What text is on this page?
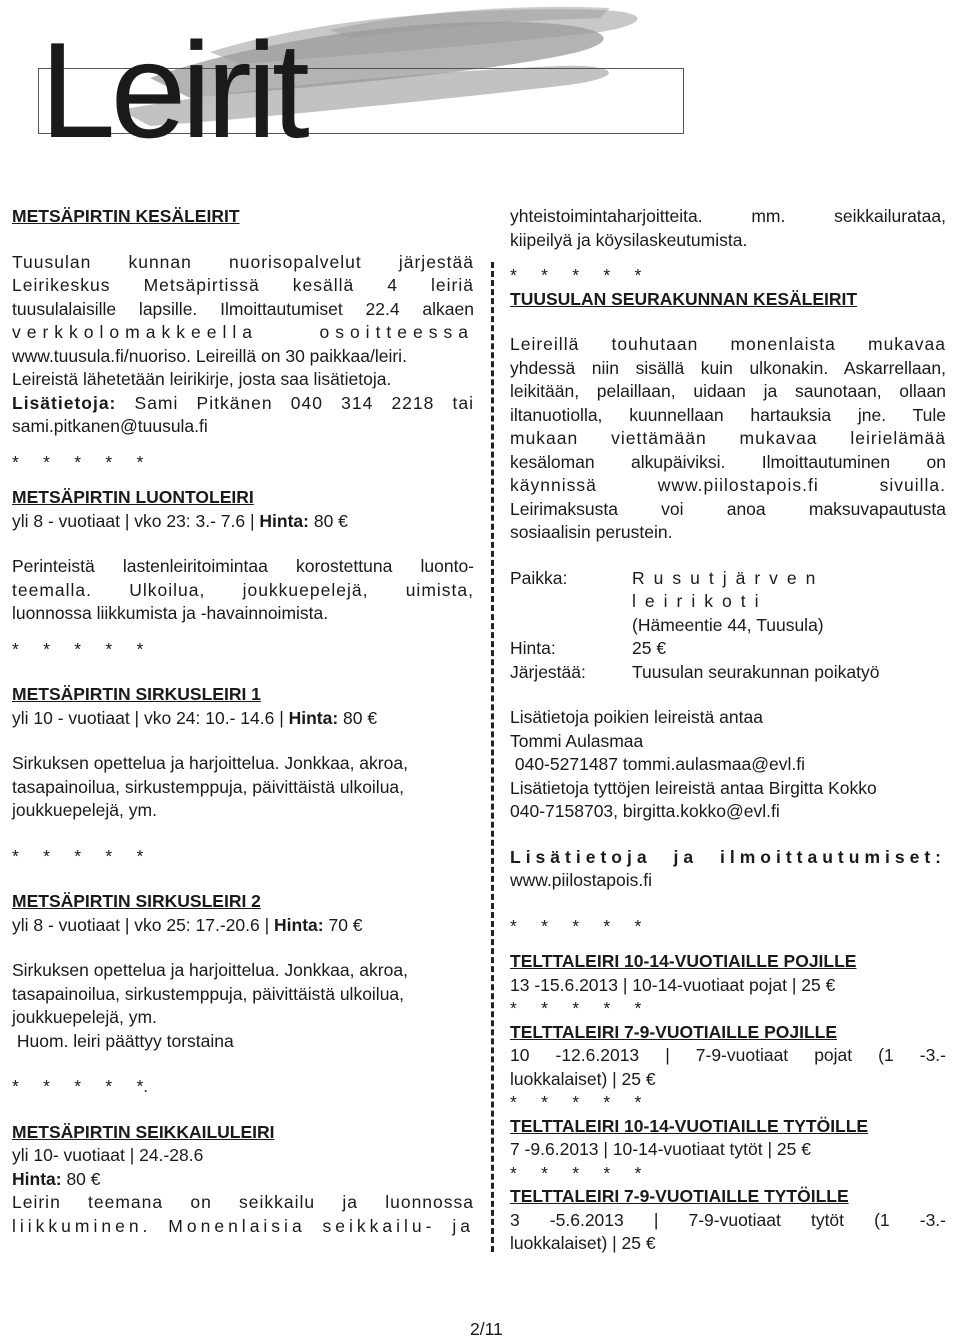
Leirit
METSÄPIRTIN KESÄLEIRIT
Tuusulan kunnan nuorisopalvelut järjestää
Leirikeskus Metsäpirtissä kesällä 4 leiriä
tuusulalaisille lapsille. Ilmoittautumiset 22.4 alkaen
verkkolomakkeella osoitteessa
www.tuusula.fi/nuoriso. Leireillä on 30 paikkaa/leiri.
Leireistä lähetetään leirikirje, josta saa lisätietoja.
Lisätietoja: Sami Pitkänen 040 314 2218 tai
sami.pitkanen@tuusula.fi
*     *     *     *     *
METSÄPIRTIN LUONTOLEIRI
yli 8 - vuotiaat | vko 23: 3.- 7.6 | Hinta: 80 €
Perinteistä lastenleiritoimintaa korostettuna luonto-
teemalla. Ulkoilua, joukkuepelejä, uimista,
luonnossa liikkumista ja -havainnoimista.
*     *     *     *     *
METSÄPIRTIN SIRKUSLEIRI 1
yli 10 - vuotiaat | vko 24: 10.- 14.6 | Hinta: 80 €
Sirkuksen opettelua ja harjoittelua. Jonkkaa, akroa,
tasapainoilua, sirkustemppuja, päivittäistä ulkoilua,
joukkuepelejä, ym.
*     *     *     *     *
METSÄPIRTIN SIRKUSLEIRI 2
yli 8 - vuotiaat | vko 25: 17.-20.6 | Hinta: 70 €
Sirkuksen opettelua ja harjoittelua. Jonkkaa, akroa,
tasapainoilua, sirkustemppuja, päivittäistä ulkoilua,
joukkuepelejä, ym.
Huom. leiri päättyy torstaina
*     *     *     *     *.
METSÄPIRTIN SEIKKAILULEIRI
yli 10- vuotiaat | 24.-28.6
Hinta: 80 €
Leirin teemana on seikkailu ja luonnossa
liikkuminen. Monenlaisia seikkailu- ja
yhteistoimintaharjoitteita. mm. seikkailurataa,
kiipeilyä ja köysilaskeutumista.
*     *     *     *     *
TUUSULAN SEURAKUNNAN KESÄLEIRIT
Leireillä touhutaan monenlaista mukavaa
yhdessä niin sisällä kuin ulkonakin. Askarrellaan,
leikitään, pelaillaan, uidaan ja saunotaan, ollaan
iltanuotiolla, kuunnellaan hartauksia jne. Tule
mukaan viettämään mukavaa leirielämää
kesäloman alkupäiviksi. Ilmoittautuminen on
käynnissä www.piilostapois.fi sivuilla.
Leirimaksusta voi anoa maksuvapautusta
sosiaalisin perustein.
Paikka:	Rusutjärven leirikoti
(Hämeentie 44, Tuusula)
Hinta:	25 €
Järjestää:	Tuusulan seurakunnan poikatyö
Lisätietoja poikien leireistä antaa
Tommi Aulasmaa
040-5271487 tommi.aulasmaa@evl.fi
Lisätietoja tyttöjen leireistä antaa Birgitta Kokko
040-7158703, birgitta.kokko@evl.fi
Lisätietoja ja ilmoittautumiset:
www.piilostapois.fi
*     *     *     *     *
TELTTALEIRI 10-14-VUOTIAILLE POJILLE
13 -15.6.2013 | 10-14-vuotiaat pojat | 25 €
*     *     *     *     *
TELTTALEIRI 7-9-VUOTIAILLE POJILLE
10 -12.6.2013 | 7-9-vuotiaat pojat (1 -3.-
luokkalaiset) | 25 €
*     *     *     *     *
TELTTALEIRI 10-14-VUOTIAILLE TYTÖILLE
7 -9.6.2013 | 10-14-vuotiaat tytöt | 25 €
*     *     *     *     *
TELTTALEIRI 7-9-VUOTIAILLE TYTÖILLE
3 -5.6.2013 | 7-9-vuotiaat tytöt (1 -3.-
luokkalaiset) | 25 €
2/11
